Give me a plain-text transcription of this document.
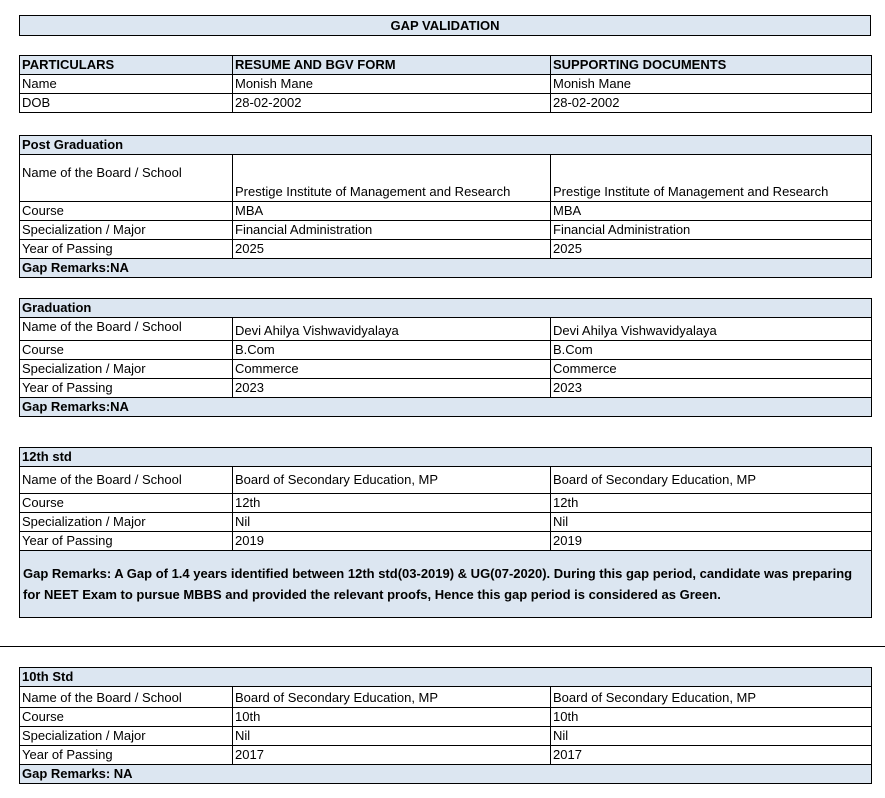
GAP VALIDATION
PARTICULARS	RESUME AND BGV FORM	SUPPORTING DOCUMENTS
Name	Monish Mane	Monish Mane
DOB	28-02-2002	28-02-2002
Post Graduation		
Name of the Board / School	Prestige Institute of Management and Research	Prestige Institute of Management and Research
Course	MBA	MBA
Specialization / Major	Financial Administration	Financial Administration
Year of Passing	2025	2025
Gap Remarks:NA		
Graduation		
Name of the Board / School	Devi Ahilya Vishwavidyalaya	Devi Ahilya Vishwavidyalaya
Course	B.Com	B.Com
Specialization / Major	Commerce	Commerce
Year of Passing	2023	2023
Gap Remarks:NA		
12th std		
Name of the Board / School	Board of Secondary Education, MP	Board of Secondary Education, MP
Course	12th	12th
Specialization / Major	Nil	Nil
Year of Passing	2019	2019
Gap Remarks: A Gap of 1.4 years identified between 12th std(03-2019) & UG(07-2020). During this gap period, candidate was preparing for NEET Exam to pursue MBBS and provided the relevant proofs, Hence this gap period is considered as Green.		
10th Std		
Name of the Board / School	Board of Secondary Education, MP	Board of Secondary Education, MP
Course	10th	10th
Specialization / Major	Nil	Nil
Year of Passing	2017	2017
Gap Remarks: NA		
